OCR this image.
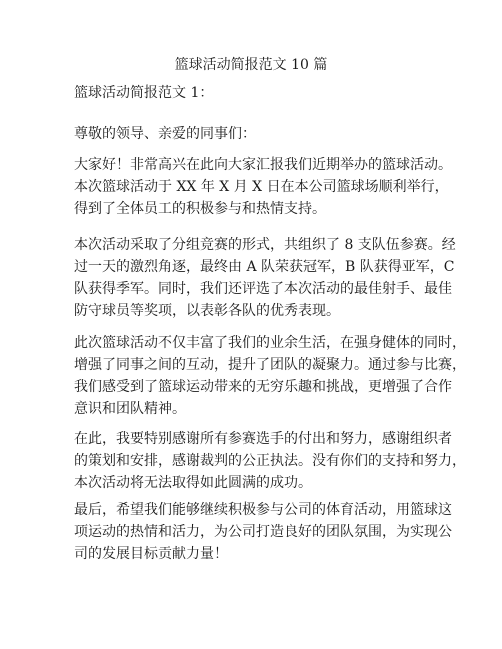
篮球活动简报范文 10 篇

篮球活动简报范文 1：

尊敬的领导、亲爱的同事们：

大家好！非常高兴在此向大家汇报我们近期举办的篮球活动。
本次篮球活动于 XX 年 X 月 X 日在本公司篮球场顺利举行，
得到了全体员工的积极参与和热情支持。
本次活动采取了分组竞赛的形式，共组织了 8 支队伍参赛。经
过一天的激烈角逐，最终由 A 队荣获冠军，B 队获得亚军，C
队获得季军。同时，我们还评选了本次活动的最佳射手、最佳
防守球员等奖项，以表彰各队的优秀表现。
此次篮球活动不仅丰富了我们的业余生活，在强身健体的同时，
增强了同事之间的互动，提升了团队的凝聚力。通过参与比赛，
我们感受到了篮球运动带来的无穷乐趣和挑战，更增强了合作
意识和团队精神。
在此，我要特别感谢所有参赛选手的付出和努力，感谢组织者
的策划和安排，感谢裁判的公正执法。没有你们的支持和努力，
本次活动将无法取得如此圆满的成功。
最后，希望我们能够继续积极参与公司的体育活动，用篮球这
项运动的热情和活力，为公司打造良好的团队氛围，为实现公
司的发展目标贡献力量！
